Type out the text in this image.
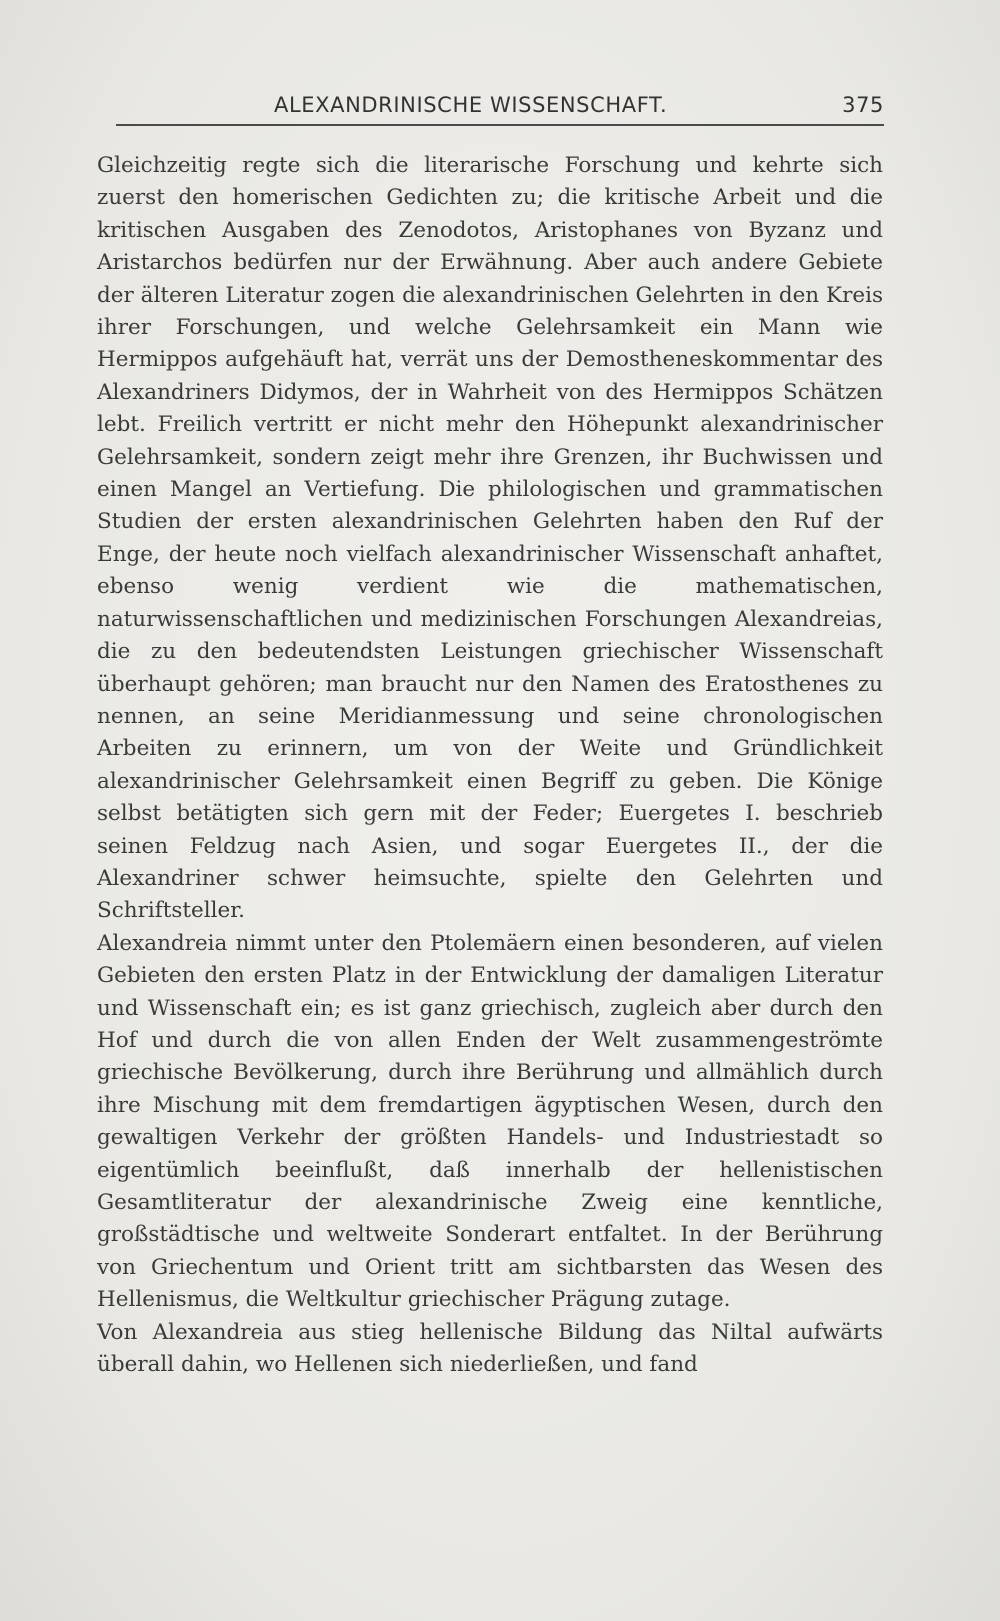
ALEXANDRINISCHE WISSENSCHAFT.	375

Gleichzeitig regte sich die literarische Forschung und kehrte sich zuerst den homerischen Gedichten zu; die kritische Arbeit und die kritischen Ausgaben des Zenodotos, Aristophanes von Byzanz und Aristarchos bedürfen nur der Erwähnung. Aber auch andere Gebiete der älteren Literatur zogen die alexandrinischen Gelehrten in den Kreis ihrer Forschungen, und welche Gelehrsamkeit ein Mann wie Hermippos aufgehäuft hat, verrät uns der Demostheneskommentar des Alexandriners Didymos, der in Wahrheit von des Hermippos Schätzen lebt. Freilich vertritt er nicht mehr den Höhepunkt alexandrinischer Gelehrsamkeit, sondern zeigt mehr ihre Grenzen, ihr Buchwissen und einen Mangel an Vertiefung. Die philologischen und grammatischen Studien der ersten alexandrinischen Gelehrten haben den Ruf der Enge, der heute noch vielfach alexandrinischer Wissenschaft anhaftet, ebenso wenig verdient wie die mathematischen, naturwissenschaftlichen und medizinischen Forschungen Alexandreias, die zu den bedeutendsten Leistungen griechischer Wissenschaft überhaupt gehören; man braucht nur den Namen des Eratosthenes zu nennen, an seine Meridianmessung und seine chronologischen Arbeiten zu erinnern, um von der Weite und Gründlichkeit alexandrinischer Gelehrsamkeit einen Begriff zu geben. Die Könige selbst betätigten sich gern mit der Feder; Euergetes I. beschrieb seinen Feldzug nach Asien, und sogar Euergetes II., der die Alexandriner schwer heimsuchte, spielte den Gelehrten und Schriftsteller.

Alexandreia nimmt unter den Ptolemäern einen besonderen, auf vielen Gebieten den ersten Platz in der Entwicklung der damaligen Literatur und Wissenschaft ein; es ist ganz griechisch, zugleich aber durch den Hof und durch die von allen Enden der Welt zusammengeströmte griechische Bevölkerung, durch ihre Berührung und allmählich durch ihre Mischung mit dem fremdartigen ägyptischen Wesen, durch den gewaltigen Verkehr der größten Handels- und Industriestadt so eigentümlich beeinflußt, daß innerhalb der hellenistischen Gesamtliteratur der alexandrinische Zweig eine kenntliche, großstädtische und weltweite Sonderart entfaltet. In der Berührung von Griechentum und Orient tritt am sichtbarsten das Wesen des Hellenismus, die Weltkultur griechischer Prägung zutage.

Von Alexandreia aus stieg hellenische Bildung das Niltal aufwärts überall dahin, wo Hellenen sich niederließen, und fand
